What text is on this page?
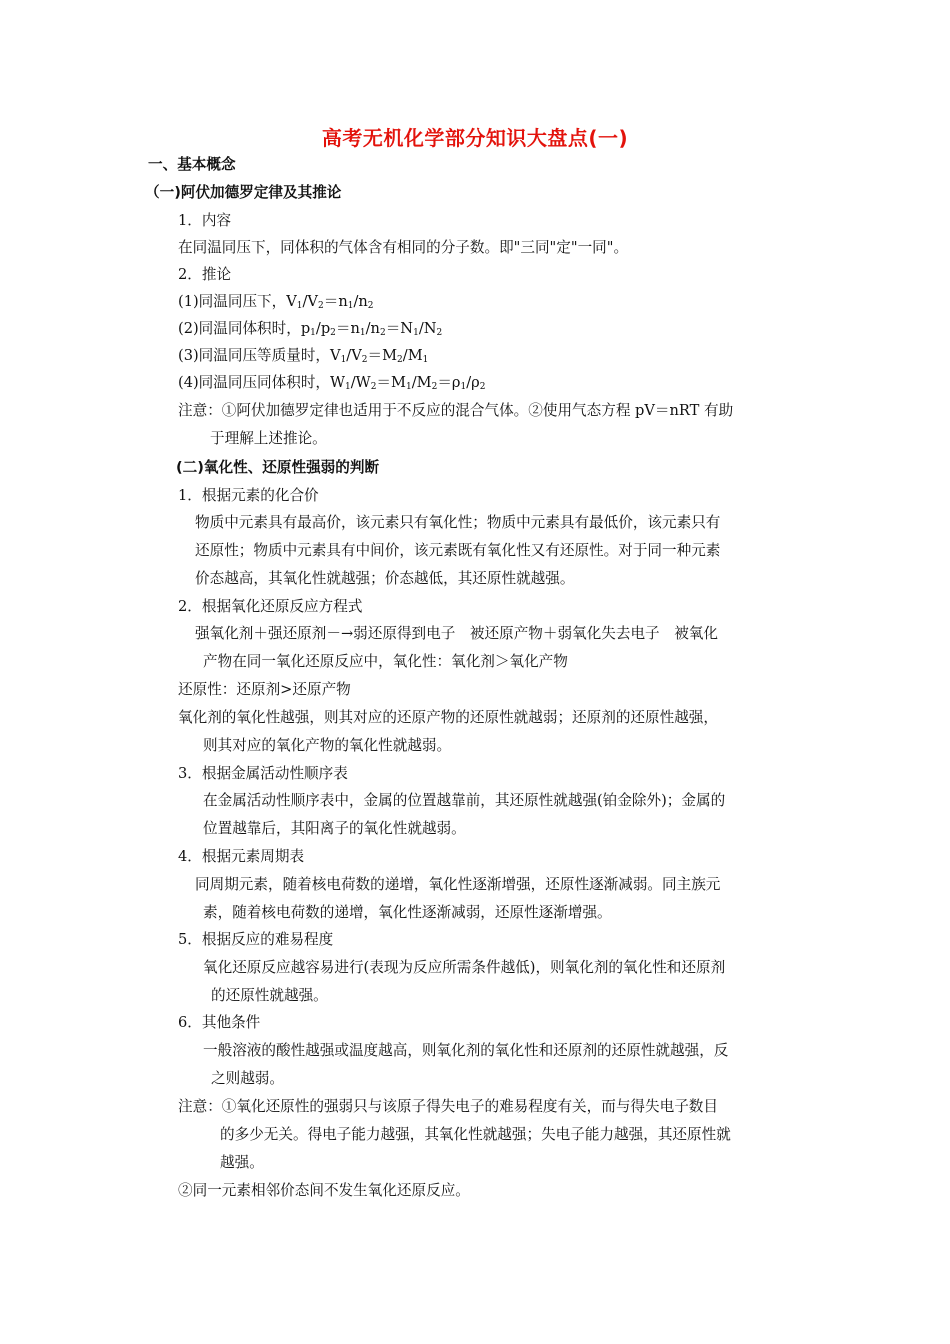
高考无机化学部分知识大盘点(一)
一、基本概念
（一)阿伏加德罗定律及其推论
1．内容
在同温同压下，同体积的气体含有相同的分子数。即"三同"定"一同"。
2．推论
(1)同温同压下，$V_1/V_2=n_1/n_2$
(2)同温同体积时，$p_1/p_2=n_1/n_2=N_1/N_2$
(3)同温同压等质量时，$V_1/V_2=M_2/M_1$
(4)同温同压同体积时，$W_1/W_2=M_1/M_2=\rho_1/\rho_2$
注意：①阿伏加德罗定律也适用于不反应的混合气体。②使用气态方程 pV＝nRT 有助
于理解上述推论。
(二)氧化性、还原性强弱的判断
1．根据元素的化合价
物质中元素具有最高价，该元素只有氧化性；物质中元素具有最低价，该元素只有
还原性；物质中元素具有中间价，该元素既有氧化性又有还原性。对于同一种元素
价态越高，其氧化性就越强；价态越低，其还原性就越强。
2．根据氧化还原反应方程式
强氧化剂＋强还原剂－→弱还原得到电子　被还原产物＋弱氧化失去电子　被氧化
产物在同一氧化还原反应中，氧化性：氧化剂＞氧化产物
还原性：还原剂>还原产物
氧化剂的氧化性越强，则其对应的还原产物的还原性就越弱；还原剂的还原性越强，
则其对应的氧化产物的氧化性就越弱。
3．根据金属活动性顺序表
在金属活动性顺序表中，金属的位置越靠前，其还原性就越强(铂金除外)；金属的
位置越靠后，其阳离子的氧化性就越弱。
4．根据元素周期表
同周期元素，随着核电荷数的递增，氧化性逐渐增强，还原性逐渐减弱。同主族元
素，随着核电荷数的递增，氧化性逐渐减弱，还原性逐渐增强。
5．根据反应的难易程度
氧化还原反应越容易进行(表现为反应所需条件越低)，则氧化剂的氧化性和还原剂
的还原性就越强。
6．其他条件
一般溶液的酸性越强或温度越高，则氧化剂的氧化性和还原剂的还原性就越强，反
之则越弱。
注意：①氧化还原性的强弱只与该原子得失电子的难易程度有关，而与得失电子数目
的多少无关。得电子能力越强，其氧化性就越强；失电子能力越强，其还原性就
越强。
②同一元素相邻价态间不发生氧化还原反应。
